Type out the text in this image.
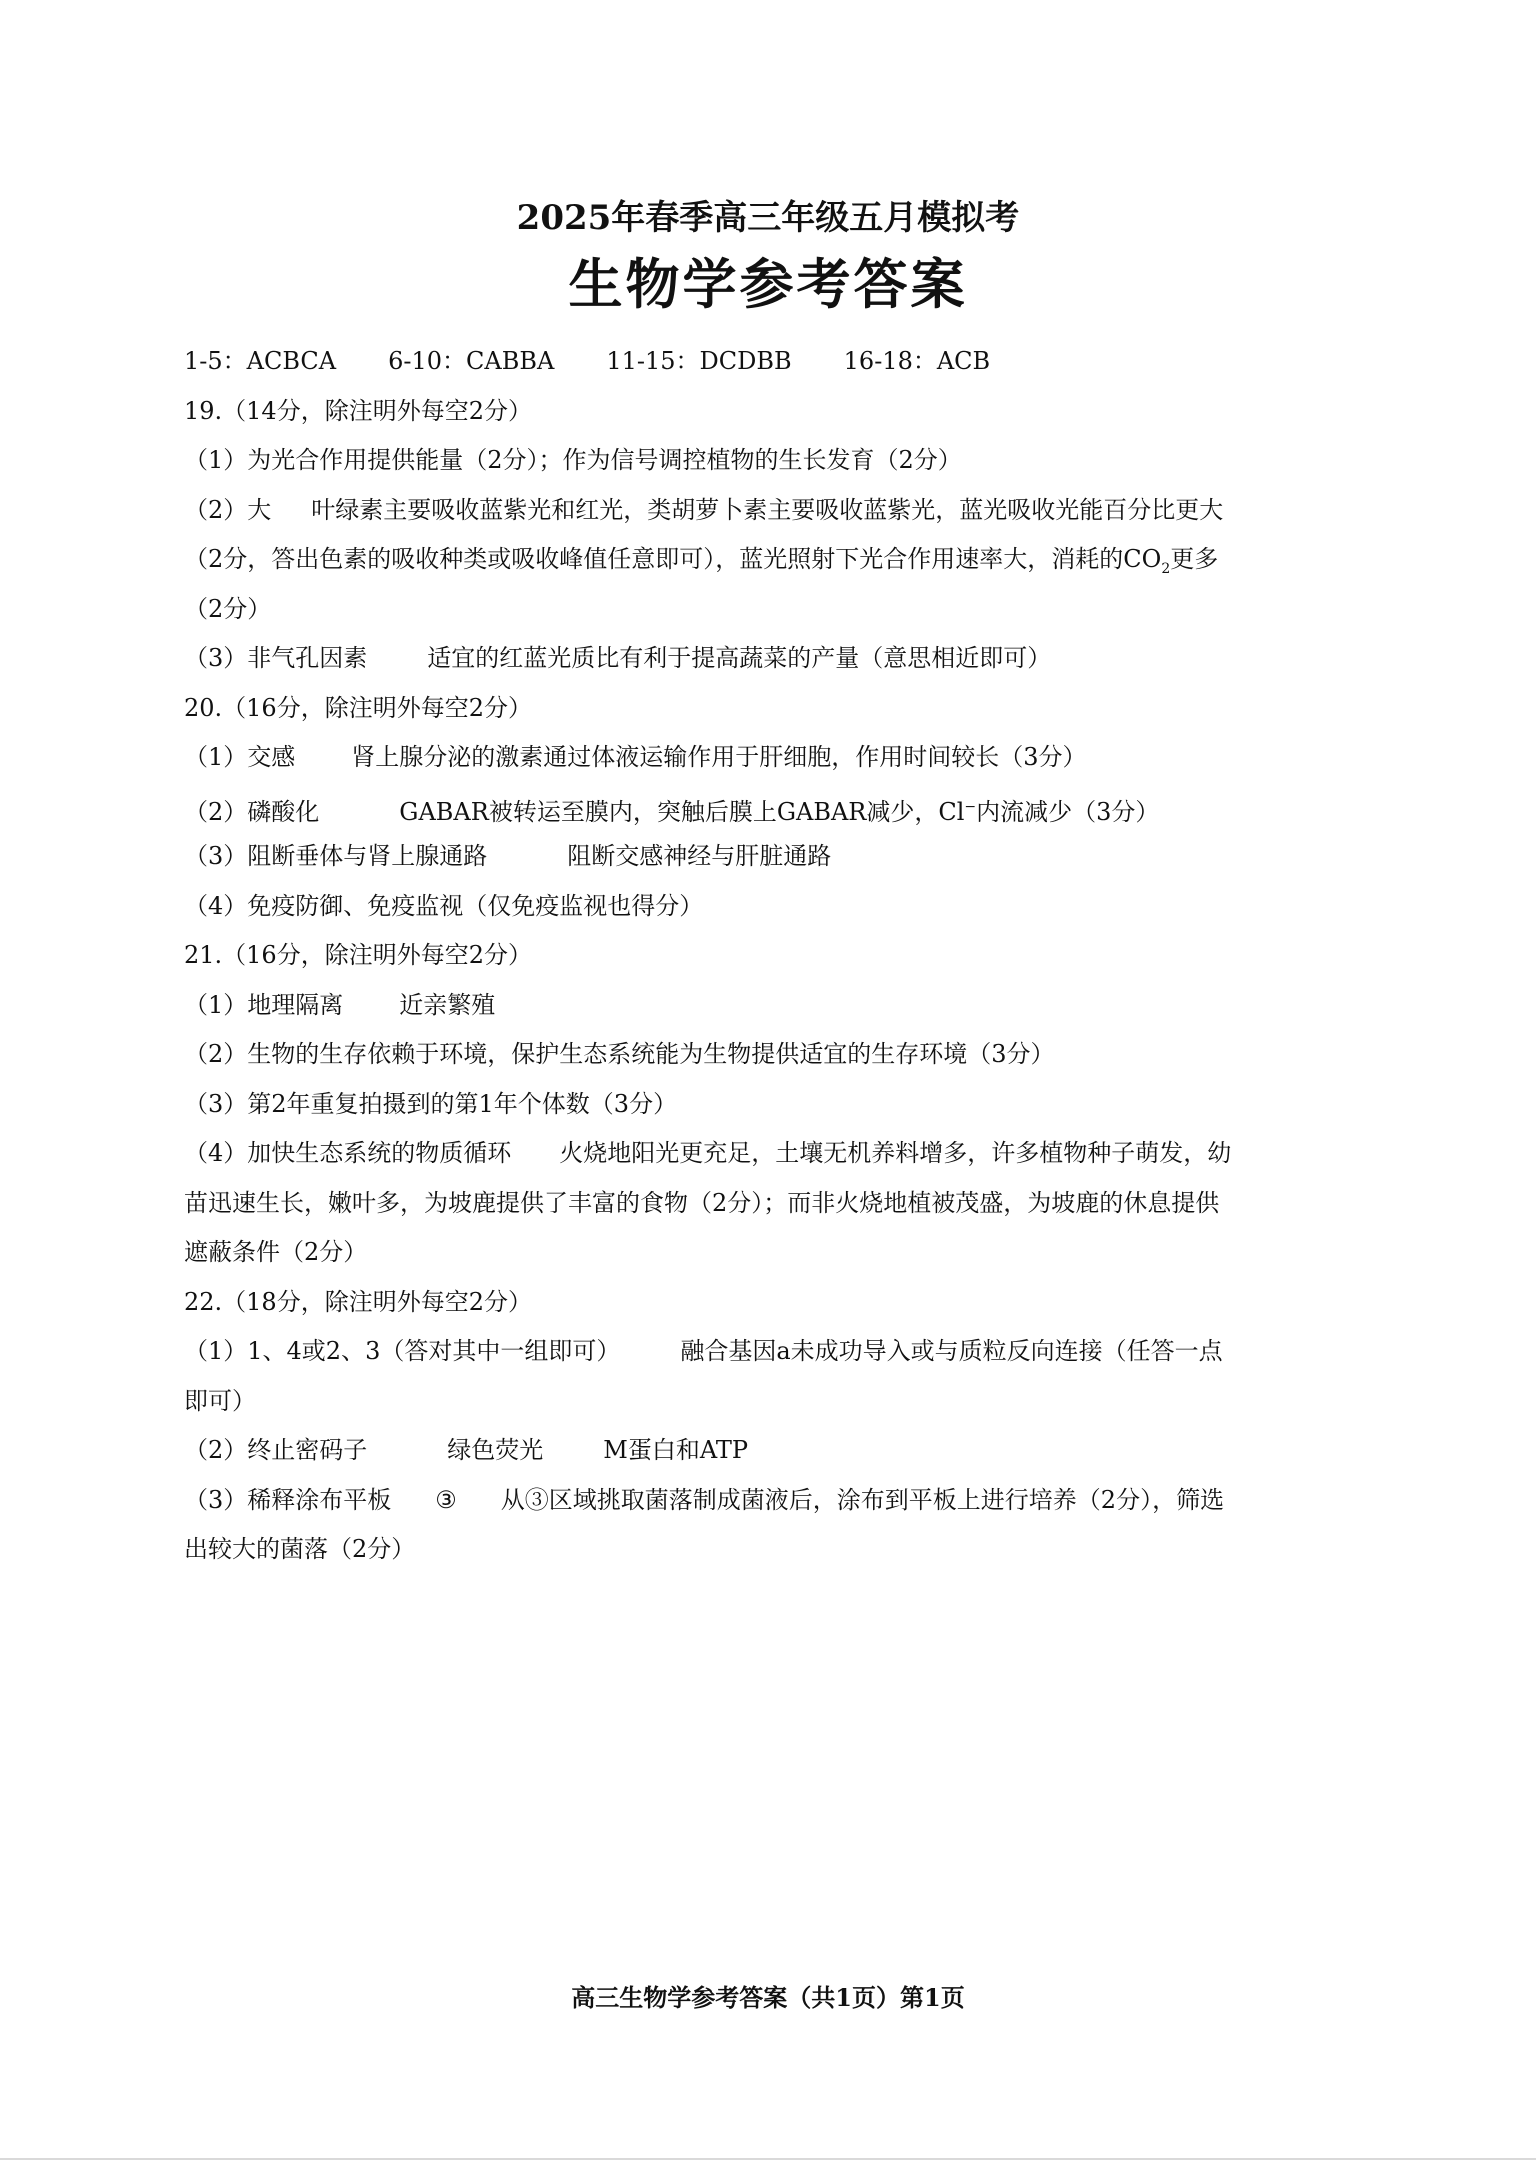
2025年春季高三年级五月模拟考
生物学参考答案
1-5：ACBCA 6-10：CABBA 11-15：DCDBB 16-18：ACB
19.（14分，除注明外每空2分）
（1）为光合作用提供能量（2分）；作为信号调控植物的生长发育（2分）
（2）大 叶绿素主要吸收蓝紫光和红光，类胡萝卜素主要吸收蓝紫光，蓝光吸收光能百分比更大
（2分，答出色素的吸收种类或吸收峰值任意即可），蓝光照射下光合作用速率大，消耗的$CO_2$更多
（2分）
（3）非气孔因素	适宜的红蓝光质比有利于提高蔬菜的产量（意思相近即可）
20.（16分，除注明外每空2分）
（1）交感 肾上腺分泌的激素通过体液运输作用于肝细胞，作用时间较长（3分）
（2）磷酸化	GABAR被转运至膜内，突触后膜上GABAR减少，Cl−内流减少（3分）
（3）阻断垂体与肾上腺通路	阻断交感神经与肝脏通路
（4）免疫防御、免疫监视（仅免疫监视也得分）
21.（16分，除注明外每空2分）
（1）地理隔离 近亲繁殖
（2）生物的生存依赖于环境，保护生态系统能为生物提供适宜的生存环境（3分）
（3）第2年重复拍摄到的第1年个体数（3分）
（4）加快生态系统的物质循环 火烧地阳光更充足，土壤无机养料增多，许多植物种子萌发，幼
苗迅速生长，嫩叶多，为坡鹿提供了丰富的食物（2分）；而非火烧地植被茂盛，为坡鹿的休息提供
遮蔽条件（2分）
22.（18分，除注明外每空2分）
（1）1、4或2、3（答对其中一组即可）	融合基因a未成功导入或与质粒反向连接（任答一点
即可）
（2）终止密码子	绿色荧光	M蛋白和ATP
（3）稀释涂布平板 ③ 从③区域挑取菌落制成菌液后，涂布到平板上进行培养（2分），筛选
出较大的菌落（2分）
高三生物学参考答案（共1页）第1页
